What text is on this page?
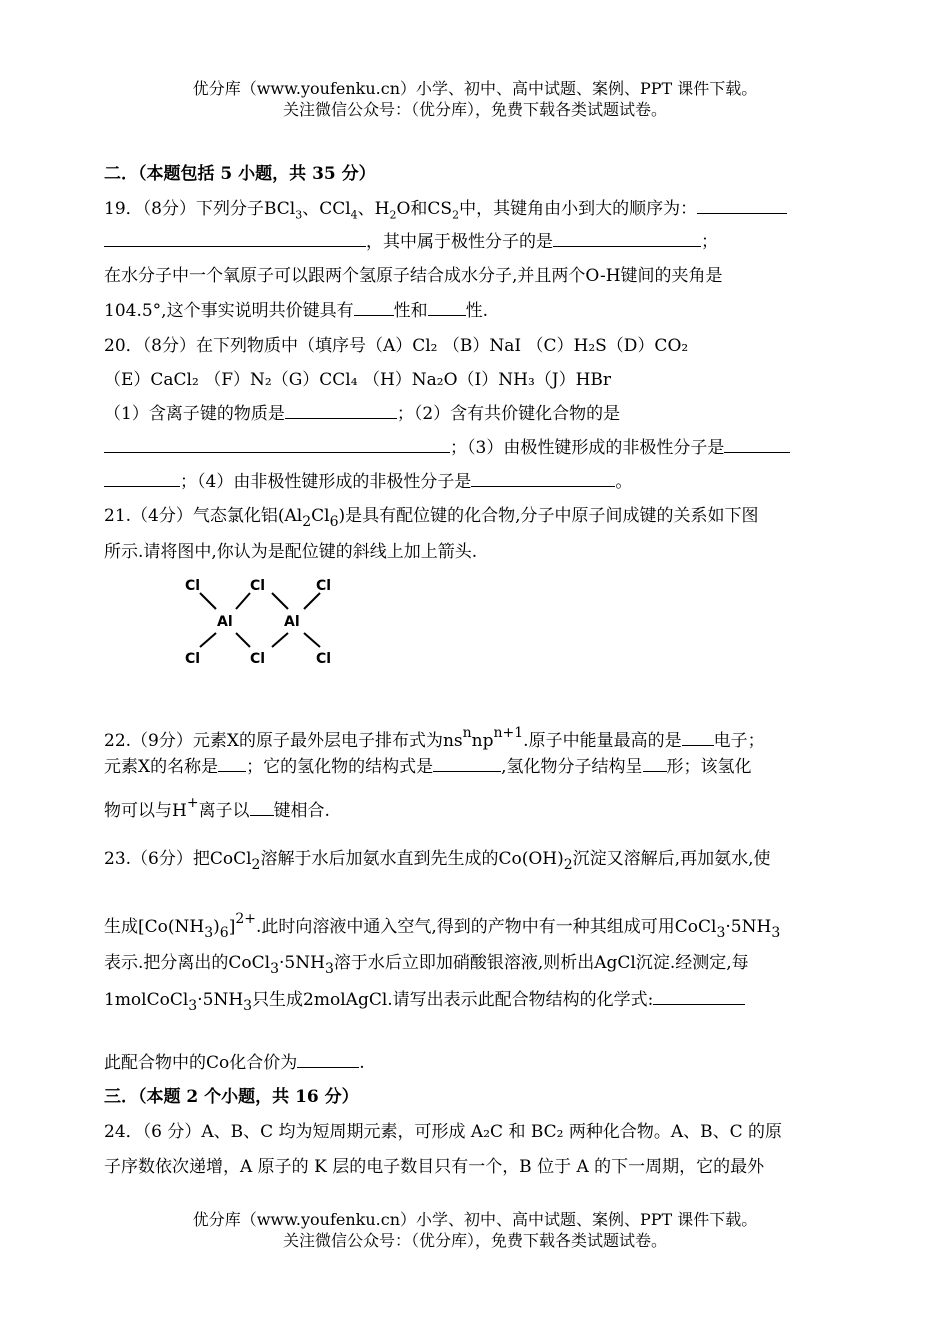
优分库（www.youfenku.cn）小学、初中、高中试题、案例、PPT 课件下载。
关注微信公众号：（优分库），免费下载各类试题试卷。
二．（本题包括 5 小题，共 35 分）
19．（8分）下列分子BCl$_3$、CCl$_4$、$H_2O$和$CS_2$中，其键角由小到大的顺序为：
，其中属于极性分子的是	；
在水分子中一个氧原子可以跟两个氢原子结合成水分子,并且两个O-H键间的夹角是
104.5°,这个事实说明共价键具有 性和 性.
20．（8分）在下列物质中（填序号（A）Cl₂ （B）NaI （C）H₂S（D）CO₂
（E）CaCl₂ （F）N₂（G）CCl₄ （H）Na₂O（I）NH₃（J）HBr
（1）含离子键的物质是	；（2）含有共价键化合物的是
；（3）由极性键形成的非极性分子是
；（4）由非极性键形成的非极性分子是	。
21.（4分）气态氯化铝$(Al_2Cl_6)$是具有配位键的化合物,分子中原子间成键的关系如下图
所示.请将图中,你认为是配位键的斜线上加上箭头.
Cl	Cl	Cl
Al	Al
Cl	Cl	Cl
22.（9分）元素X的原子最外层电子排布式为$ns^nnp^{n+1}$.原子中能量最高的是 电子；
元素X的名称是 ；它的氢化物的结构式是	,氢化物分子结构呈 形；该氢化
物可以与H+离子以 键相合.
23.（6分）把CoCl$_2$溶解于水后加氨水直到先生成的$Co(OH)_2$沉淀又溶解后,再加氨水,使
生成$[Co(NH_3)_6]^{2+}$.此时向溶液中通入空气,得到的产物中有一种其组成可用$CoCl_3\cdot 5NH_3$
表示.把分离出的$CoCl_3\cdot 5NH_3$溶于水后立即加硝酸银溶液,则析出AgCl沉淀.经测定,每
$1molCoCl_3\cdot 5NH_3$只生成2molAgCl.请写出表示此配合物结构的化学式:
此配合物中的Co化合价为	.
三．（本题 2 个小题，共 16 分）
24．（6 分）A、B、C 均为短周期元素，可形成 A₂C 和 BC₂ 两种化合物。A、B、C 的原
子序数依次递增，A 原子的 K 层的电子数目只有一个，B 位于 A 的下一周期，它的最外
优分库（www.youfenku.cn）小学、初中、高中试题、案例、PPT 课件下载。
关注微信公众号：（优分库），免费下载各类试题试卷。
